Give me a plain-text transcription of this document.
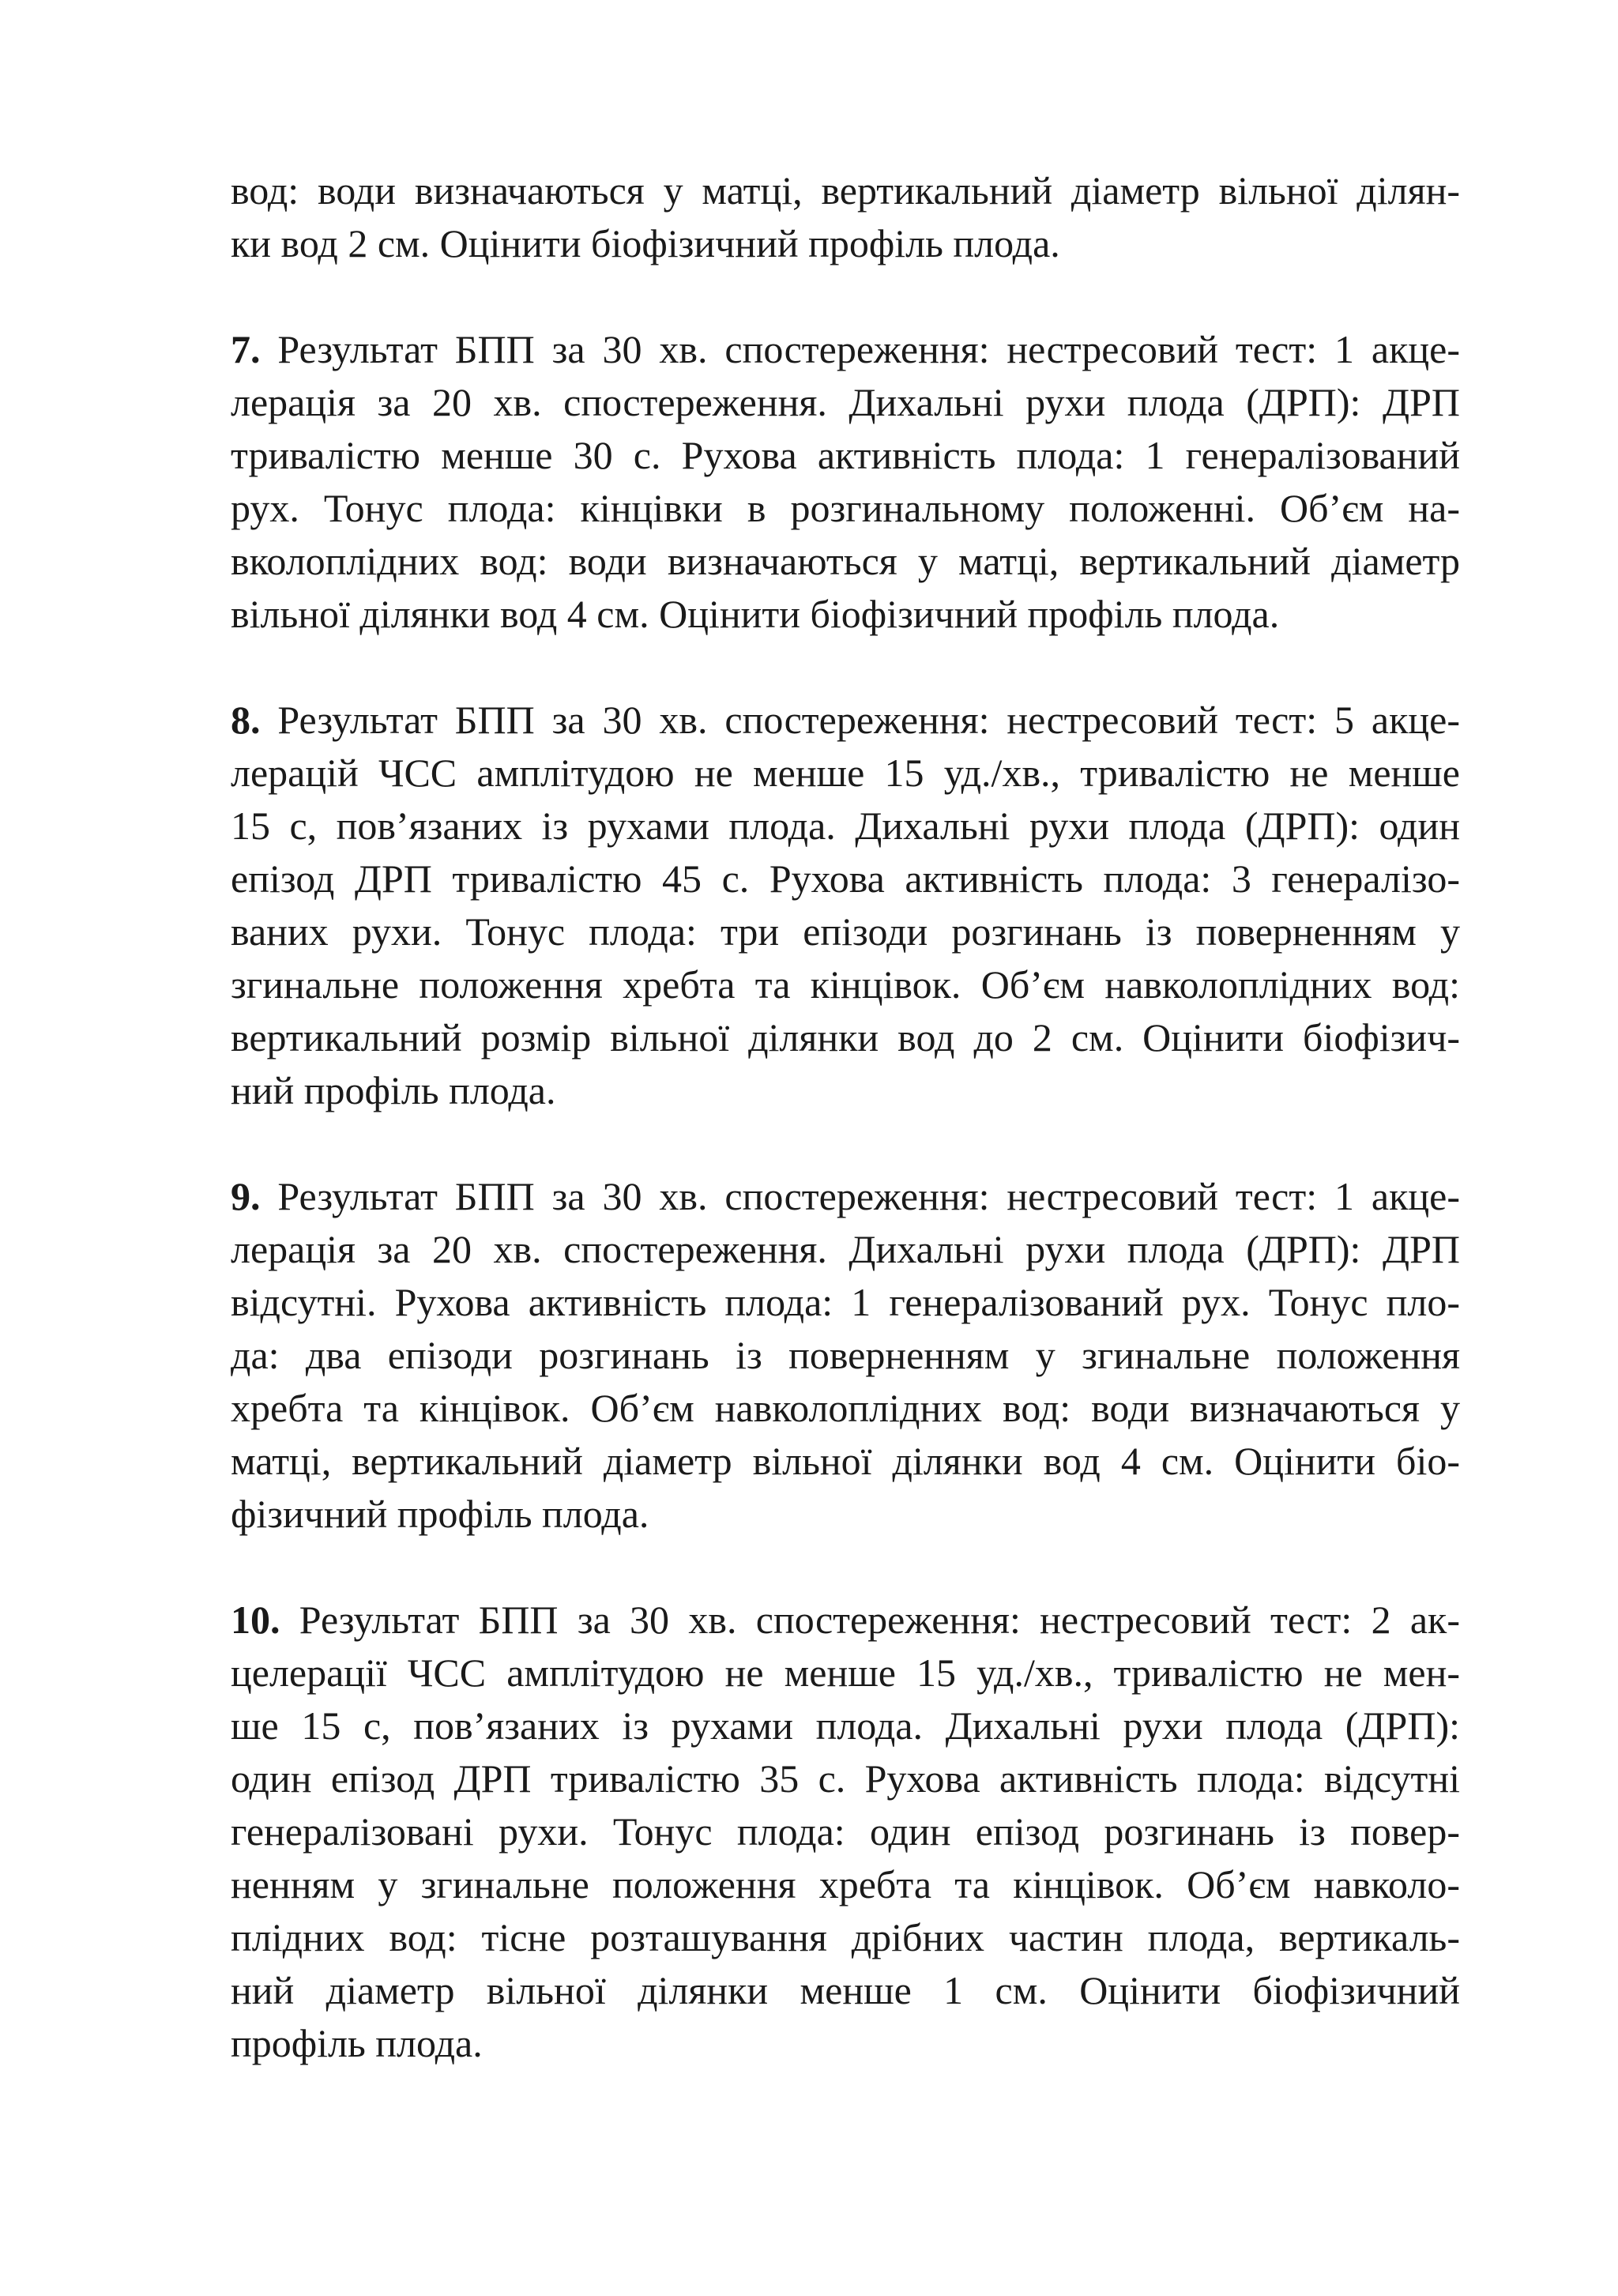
вод: води визначаються у матці, вертикальний діаметр вільної ділян-
ки вод 2 см. Оцінити біофізичний профіль плода.
7. Результат БПП за 30 хв. спостереження: нестресовий тест: 1 акце-
лерація за 20 хв. спостереження. Дихальні рухи плода (ДРП): ДРП
тривалістю менше 30 с. Рухова активність плода: 1 генералізований
рух. Тонус плода: кінцівки в розгинальному положенні. Об’єм на-
вколоплідних вод: води визначаються у матці, вертикальний діаметр
вільної ділянки вод 4 см. Оцінити біофізичний профіль плода.
8. Результат БПП за 30 хв. спостереження: нестресовий тест: 5 акце-
лерацій ЧСС амплітудою не менше 15 уд./хв., тривалістю не менше
15 с, пов’язаних із рухами плода. Дихальні рухи плода (ДРП): один
епізод ДРП тривалістю 45 с. Рухова активність плода: 3 генералізо-
ваних рухи. Тонус плода: три епізоди розгинань із поверненням у
згинальне положення хребта та кінцівок. Об’єм навколоплідних вод:
вертикальний розмір вільної ділянки вод до 2 см. Оцінити біофізич-
ний профіль плода.
9. Результат БПП за 30 хв. спостереження: нестресовий тест: 1 акце-
лерація за 20 хв. спостереження. Дихальні рухи плода (ДРП): ДРП
відсутні. Рухова активність плода: 1 генералізований рух. Тонус пло-
да: два епізоди розгинань із поверненням у згинальне положення
хребта та кінцівок. Об’єм навколоплідних вод: води визначаються у
матці, вертикальний діаметр вільної ділянки вод 4 см. Оцінити біо-
фізичний профіль плода.
10. Результат БПП за 30 хв. спостереження: нестресовий тест: 2 ак-
целерації ЧСС амплітудою не менше 15 уд./хв., тривалістю не мен-
ше 15 с, пов’язаних із рухами плода. Дихальні рухи плода (ДРП):
один епізод ДРП тривалістю 35 с. Рухова активність плода: відсутні
генералізовані рухи. Тонус плода: один епізод розгинань із повер-
ненням у згинальне положення хребта та кінцівок. Об’єм навколо-
плідних вод: тісне розташування дрібних частин плода, вертикаль-
ний діаметр вільної ділянки менше 1 см. Оцінити біофізичний
профіль плода.
